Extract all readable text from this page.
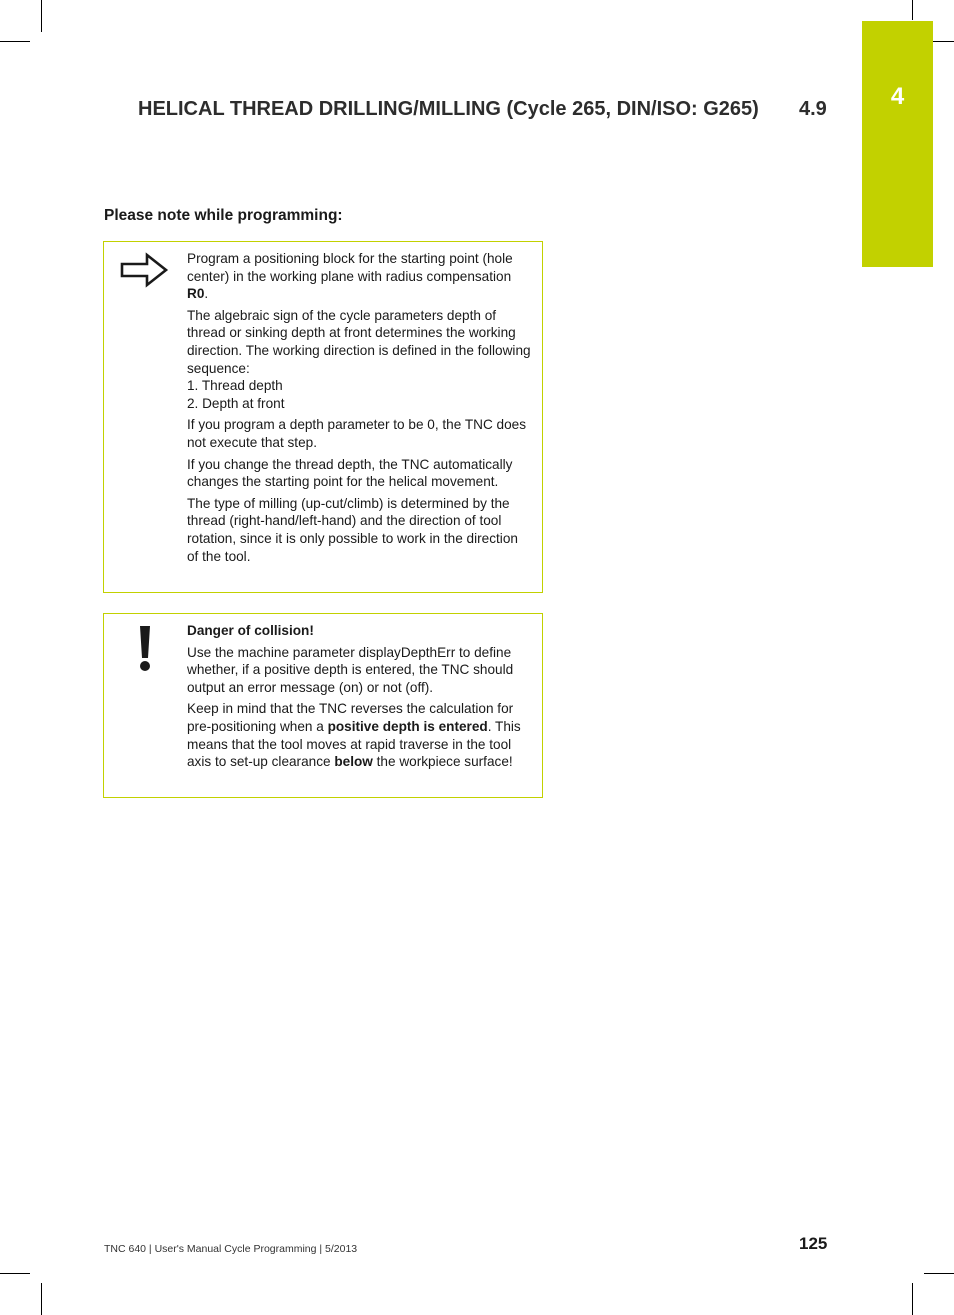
4
HELICAL THREAD DRILLING/MILLING (Cycle 265, DIN/ISO: G265) 4.9
Please note while programming:

Program a positioning block for the starting point (hole center) in the working plane with radius compensation R0.

The algebraic sign of the cycle parameters depth of thread or sinking depth at front determines the working direction. The working direction is defined in the following sequence:
1. Thread depth
2. Depth at front

If you program a depth parameter to be 0, the TNC does not execute that step.

If you change the thread depth, the TNC automatically changes the starting point for the helical movement.

The type of milling (up-cut/climb) is determined by the thread (right-hand/left-hand) and the direction of tool rotation, since it is only possible to work in the direction of the tool.

Danger of collision!

Use the machine parameter displayDepthErr to define whether, if a positive depth is entered, the TNC should output an error message (on) or not (off).

Keep in mind that the TNC reverses the calculation for pre-positioning when a positive depth is entered. This means that the tool moves at rapid traverse in the tool axis to set-up clearance below the workpiece surface!

TNC 640 | User's Manual Cycle Programming | 5/2013	125
